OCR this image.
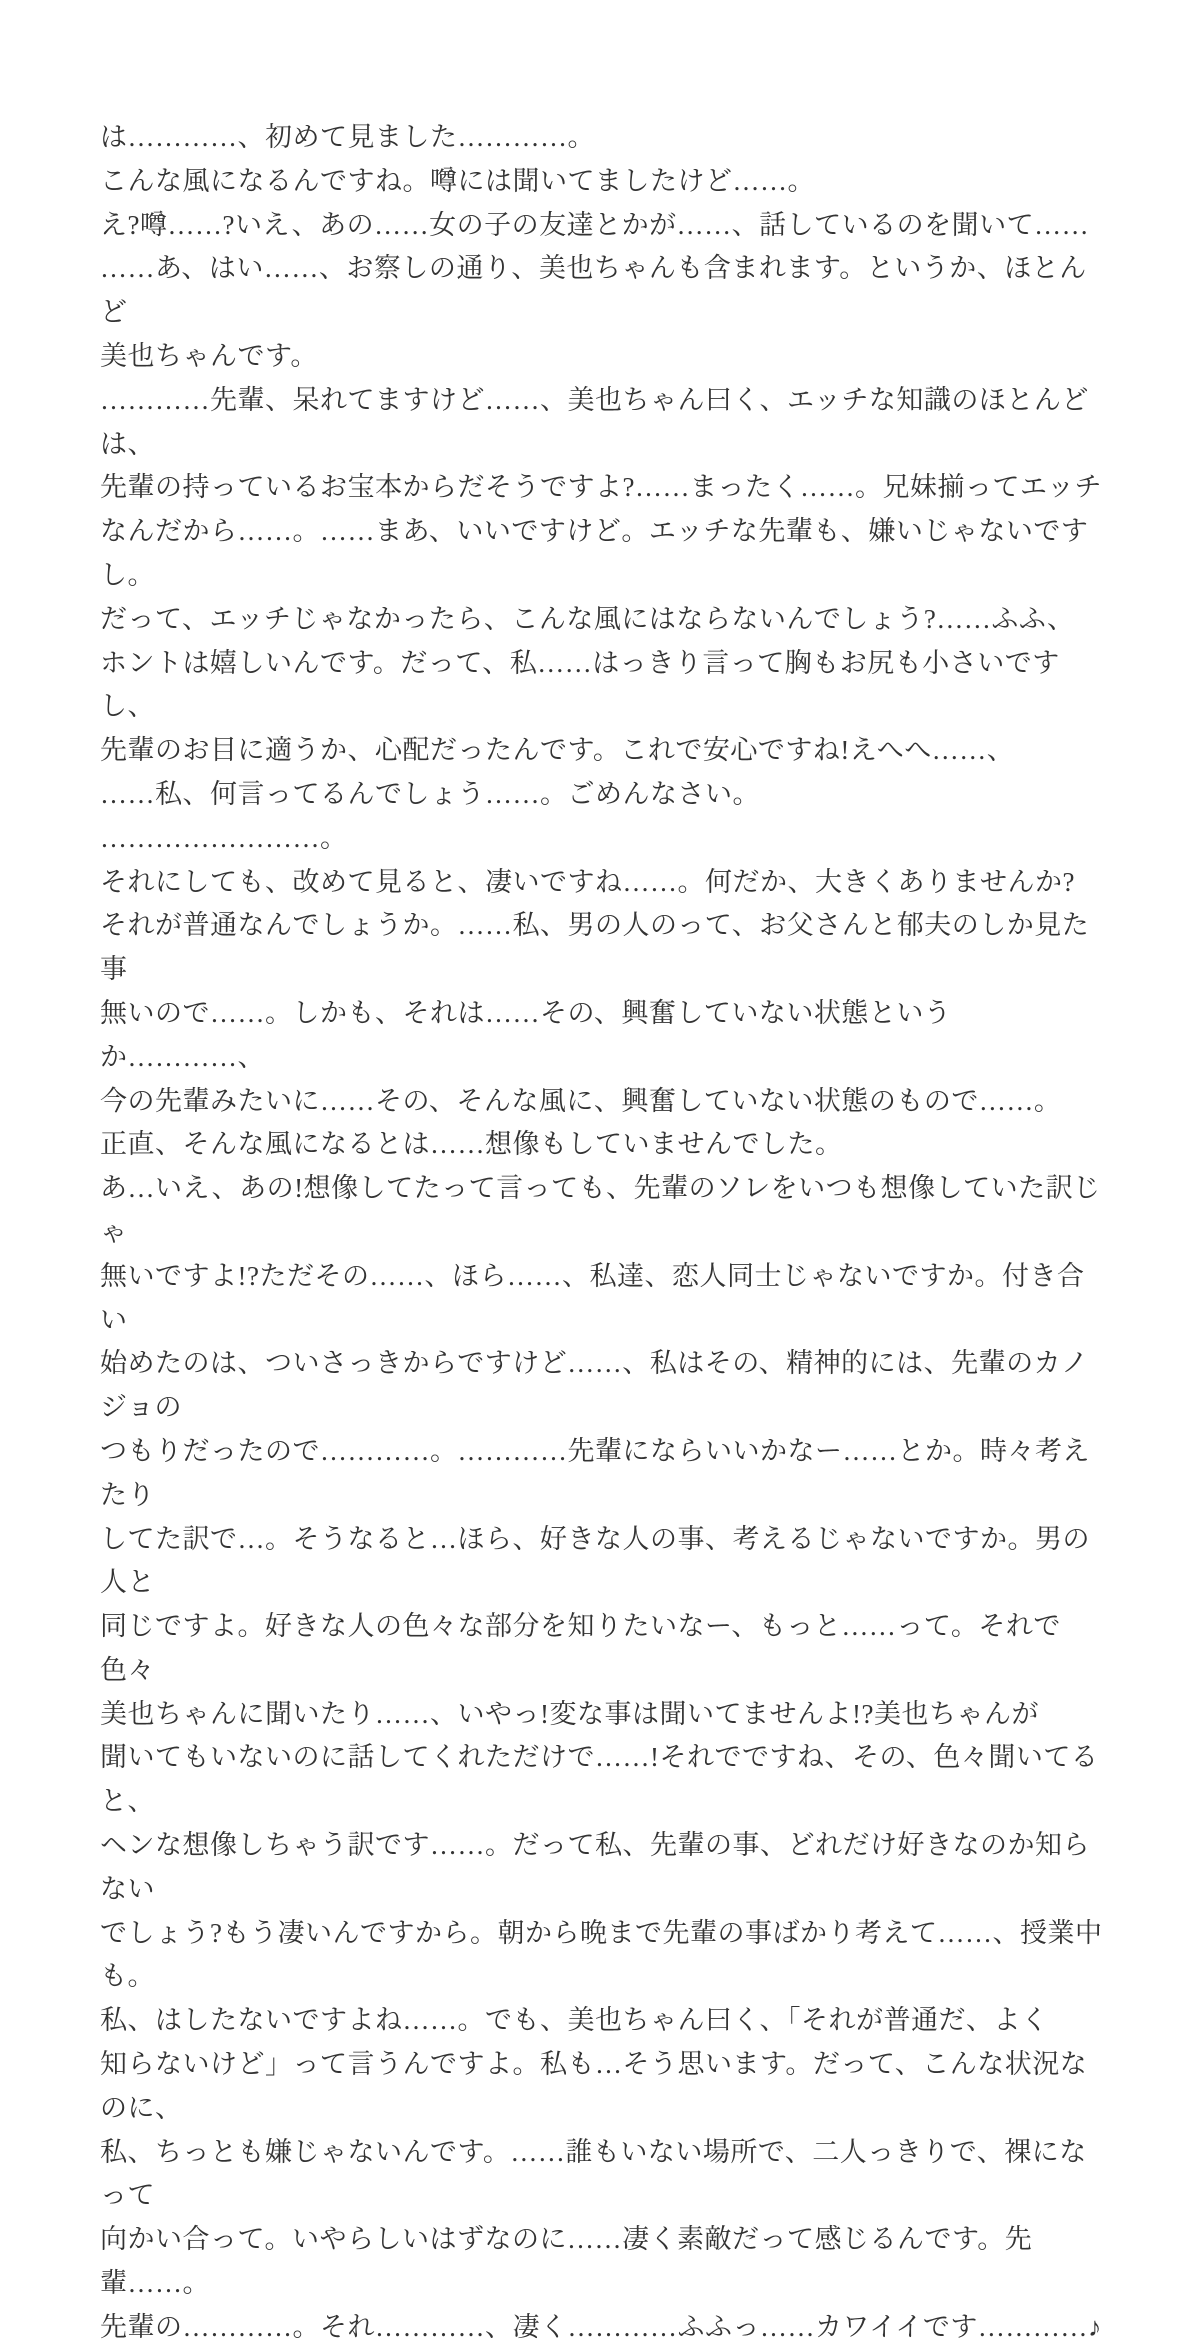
は…………、初めて見ました…………。
こんな風になるんですね。噂には聞いてましたけど……。
え?噂……?いえ、あの……女の子の友達とかが……、話しているのを聞いて……
……あ、はい……、お察しの通り、美也ちゃんも含まれます。というか、ほとんど
美也ちゃんです。
…………先輩、呆れてますけど……、美也ちゃん曰く、エッチな知識のほとんどは、
先輩の持っているお宝本からだそうですよ?……まったく……。兄妹揃ってエッチ
なんだから……。……まあ、いいですけど。エッチな先輩も、嫌いじゃないですし。
だって、エッチじゃなかったら、こんな風にはならないんでしょう?……ふふ、
ホントは嬉しいんです。だって、私……はっきり言って胸もお尻も小さいですし、
先輩のお目に適うか、心配だったんです。これで安心ですね!えへへ……、
……私、何言ってるんでしょう……。ごめんなさい。
……………………。
それにしても、改めて見ると、凄いですね……。何だか、大きくありませんか?
それが普通なんでしょうか。……私、男の人のって、お父さんと郁夫のしか見た事
無いので……。しかも、それは……その、興奮していない状態というか…………、
今の先輩みたいに……その、そんな風に、興奮していない状態のもので……。
正直、そんな風になるとは……想像もしていませんでした。
あ…いえ、あの!想像してたって言っても、先輩のソレをいつも想像していた訳じゃ
無いですよ!?ただその……、ほら……、私達、恋人同士じゃないですか。付き合い
始めたのは、ついさっきからですけど……、私はその、精神的には、先輩のカノジョの
つもりだったので…………。…………先輩にならいいかなー……とか。時々考えたり
してた訳で…。そうなると…ほら、好きな人の事、考えるじゃないですか。男の人と
同じですよ。好きな人の色々な部分を知りたいなー、もっと……って。それで色々
美也ちゃんに聞いたり……、いやっ!変な事は聞いてませんよ!?美也ちゃんが
聞いてもいないのに話してくれただけで……!それでですね、その、色々聞いてると、
ヘンな想像しちゃう訳です……。だって私、先輩の事、どれだけ好きなのか知らない
でしょう?もう凄いんですから。朝から晩まで先輩の事ばかり考えて……、授業中も。
私、はしたないですよね……。でも、美也ちゃん曰く、「それが普通だ、よく
知らないけど」って言うんですよ。私も…そう思います。だって、こんな状況なのに、
私、ちっとも嫌じゃないんです。……誰もいない場所で、二人っきりで、裸になって
向かい合って。いやらしいはずなのに……凄く素敵だって感じるんです。先輩……。
先輩の…………。それ…………、凄く…………ふふっ……カワイイです…………♪
